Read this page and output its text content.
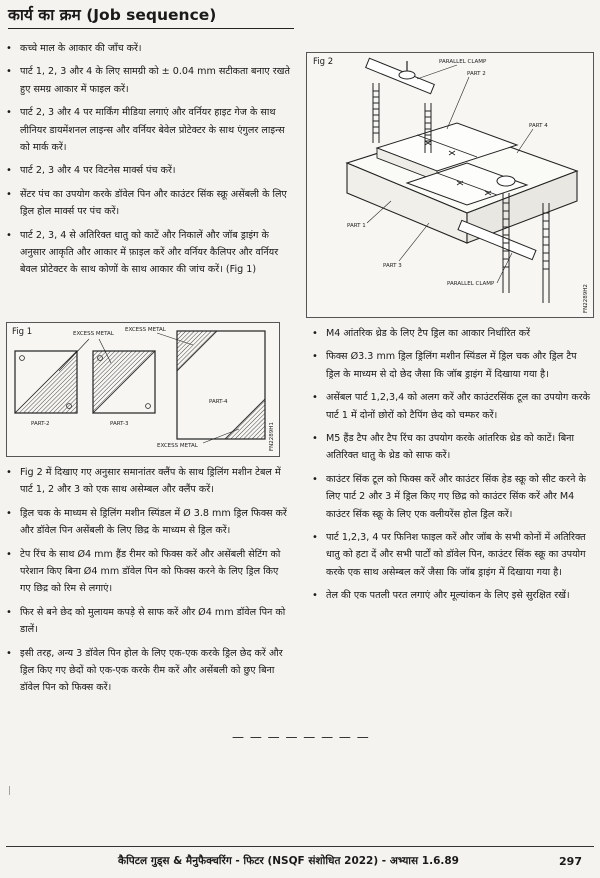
कार्य का क्रम (Job sequence)
• कच्चे माल के आकार की जाँच करें।
• पार्ट 1, 2, 3 और 4 के लिए सामग्री को ± 0.04 mm सटीकता बनाए रखते हुए समग्र आकार में फाइल करें।
• पार्ट 2, 3 और 4 पर मार्किंग मीडिया लगाएं और वर्नियर हाइट गेज के साथ लीनियर डायमेंशनल लाइन्स और वर्नियर बेवेल प्रोटेक्टर के साथ एंगुलर लाइन्स को मार्क करें।
• पार्ट 2, 3 और 4 पर विटनेस मार्क्स पंच करें।
• सेंटर पंच का उपयोग करके डॉवेल पिन और काउंटर सिंक स्क्रू असेंबली के लिए ड्रिल होल मार्क्स पर पंच करें।
• पार्ट 2, 3, 4 से अतिरिक्त धातु को काटें और निकालें और जॉब ड्राइंग के अनुसार आकृति और आकार में फ़ाइल करें और वर्नियर कैलिपर और वर्नियर बेवल प्रोटेक्टर के साथ कोणों के साथ आकार की जांच करें। (Fig 1)
Fig 1
PART-2	PART-3
PART-4
EXCESS METAL
EXCESS METAL
EXCESS METAL	FN2289H1
• Fig 2 में दिखाए गए अनुसार समानांतर क्लैंप के साथ ड्रिलिंग मशीन टेबल में पार्ट 1, 2 और 3 को एक साथ असेम्बल और क्लैंप करें।
• ड्रिल चक के माध्यम से ड्रिलिंग मशीन स्पिंडल में Ø 3.8 mm ड्रिल फिक्स करें और डॉवेल पिन असेंबली के लिए छिद्र के माध्यम से ड्रिल करें।
• टेप रिंच के साथ Ø4 mm हैंड रीमर को फिक्स करें और असेंबली सेटिंग को परेशान किए बिना Ø4 mm डॉवेल पिन को फिक्स करने के लिए ड्रिल किए गए छिद्र को रिम से लगाएं।
• फिर से बने छेद को मुलायम कपड़े से साफ करें और Ø4 mm डॉवेल पिन को डालें।
• इसी तरह, अन्य 3 डॉवेल पिन होल के लिए एक-एक करके ड्रिल छेद करें और ड्रिल किए गए छेदों को एक-एक करके रीम करें और असेंबली को छुए बिना डॉवेल पिन को फिक्स करें।
Fig 2	PARALLEL CLAMP
PART 2
PART 4
PART 1
PART 3
PARALLEL CLAMP
FN2289H2
• M4 आंतरिक थ्रेड के लिए टैप ड्रिल का आकार निर्धारित करें
• फिक्स Ø3.3 mm ड्रिल ड्रिलिंग मशीन स्पिंडल में ड्रिल चक और ड्रिल टैप ड्रिल के माध्यम से दो छेद जैसा कि जॉब ड्राइंग में दिखाया गया है।
• असेंबल पार्ट 1,2,3,4 को अलग करें और काउंटरसिंक टूल का उपयोग करके पार्ट 1 में दोनों छोरों को टैपिंग छेद को चम्फर करें।
• M5 हैंड टैप और टैप रिंच का उपयोग करके आंतरिक थ्रेड को काटें। बिना अतिरिक्त धातु के थ्रेड को साफ करें।
• काउंटर सिंक टूल को फिक्स करें और काउंटर सिंक हेड स्क्रू को सीट करने के लिए पार्ट 2 और 3 में ड्रिल किए गए छिद्र को काउंटर सिंक करें और M4 काउंटर सिंक स्क्रू के लिए एक क्लीयरेंस होल ड्रिल करें।
• पार्ट 1,2,3, 4 पर फिनिश फाइल करें और जॉब के सभी कोनों में अतिरिक्त धातु को हटा दें और सभी पार्टों को डॉवेल पिन, काउंटर सिंक स्क्रू का उपयोग करके एक साथ असेम्बल करें जैसा कि जॉब ड्राइंग में दिखाया गया है।
• तेल की एक पतली परत लगाएं और मूल्यांकन के लिए इसे सुरक्षित रखें।
— — — — — — — —
|
कैपिटल गुड्स & मैनुफैक्चरिंग - फिटर (NSQF संशोधित 2022) - अभ्यास 1.6.89	297
